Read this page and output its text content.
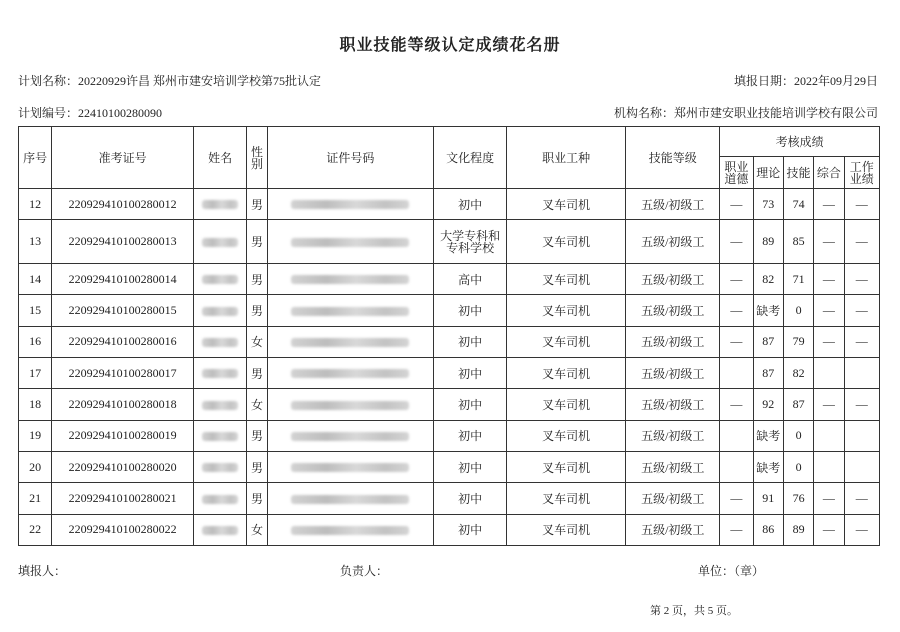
职业技能等级认定成绩花名册
计划名称：20220929许昌 郑州市建安培训学校第75批认定	填报日期：2022年09月29日
计划编号：22410100280090	机构名称：郑州市建安职业技能培训学校有限公司
序号	准考证号	姓名	性别	证件号码	文化程度	职业工种	技能等级	考核成绩				
								职业道德	理论	技能	综合	工作业绩
12	220929410100280012		男		初中	叉车司机	五级/初级工	—	73	74	—	—
13	220929410100280013		男		大学专科和专科学校	叉车司机	五级/初级工	—	89	85	—	—
14	220929410100280014		男		高中	叉车司机	五级/初级工	—	82	71	—	—
15	220929410100280015		男		初中	叉车司机	五级/初级工	—	缺考	0	—	—
16	220929410100280016		女		初中	叉车司机	五级/初级工	—	87	79	—	—
17	220929410100280017		男		初中	叉车司机	五级/初级工		87	82		
18	220929410100280018		女		初中	叉车司机	五级/初级工	—	92	87	—	—
19	220929410100280019		男		初中	叉车司机	五级/初级工		缺考	0		
20	220929410100280020		男		初中	叉车司机	五级/初级工		缺考	0		
21	220929410100280021		男		初中	叉车司机	五级/初级工	—	91	76	—	—
22	220929410100280022		女		初中	叉车司机	五级/初级工	—	86	89	—	—
填报人：	负责人：	单位：（章）
第 2 页，共 5 页。
